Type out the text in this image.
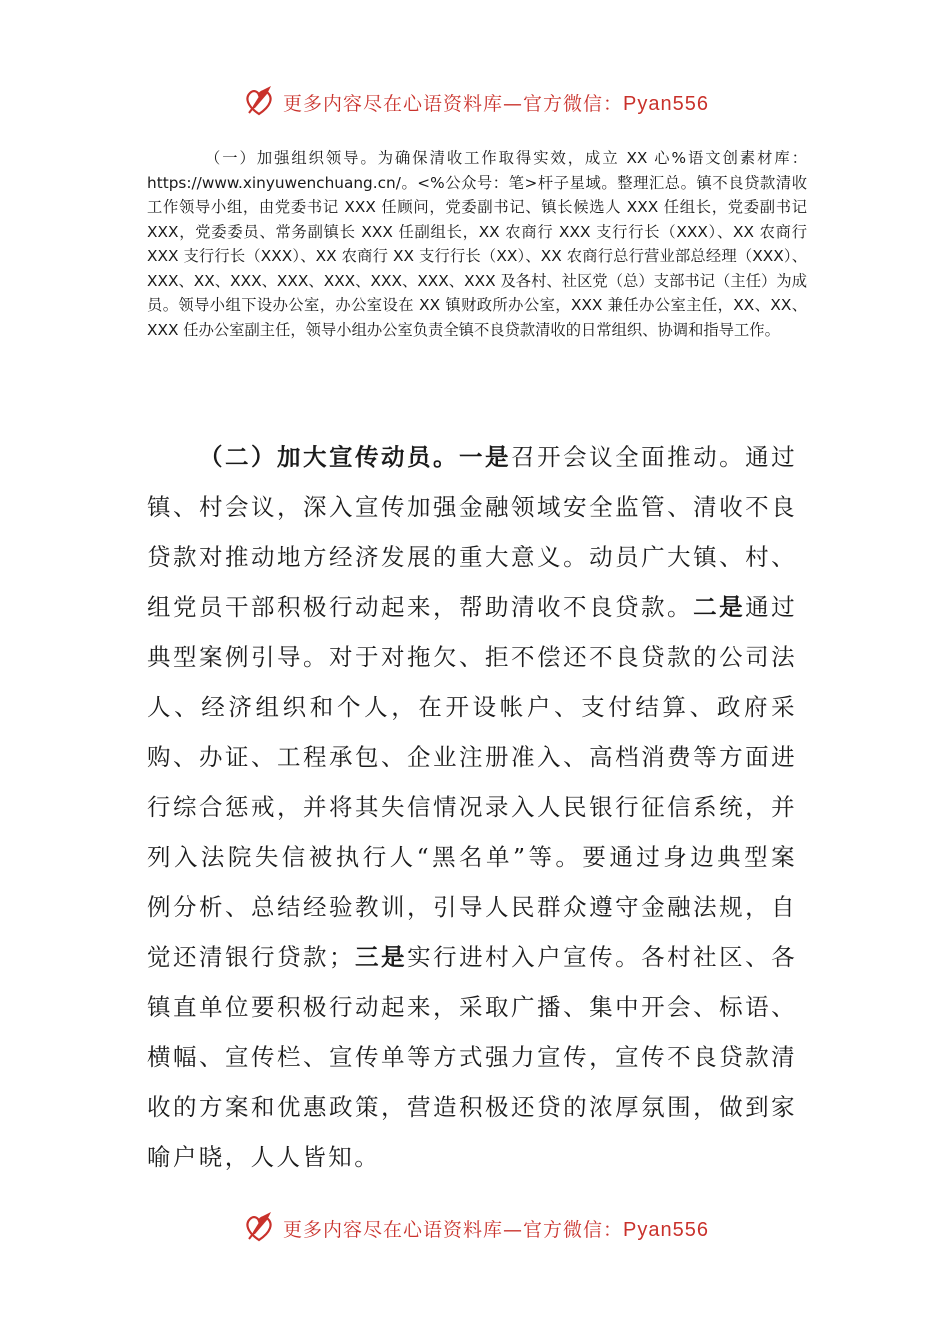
更多内容尽在心语资料库—官方微信：Pyan556

（一）加强组织领导。为确保清收工作取得实效，成立 XX 心%语文创素材库：https://www.xinyuwenchuang.cn/。<%公众号：笔>杆子星域。整理汇总。镇不良贷款清收工作领导小组，由党委书记 XXX 任顾问，党委副书记、镇长候选人 XXX 任组长，党委副书记 XXX，党委委员、常务副镇长 XXX 任副组长，XX 农商行 XXX 支行行长（XXX）、XX 农商行 XXX 支行行长（XXX）、XX 农商行 XX 支行行长（XX）、XX 农商行总行营业部总经理（XXX）、XXX、XX、XXX、XXX、XXX、XXX、XXX、XXX 及各村、社区党（总）支部书记（主任）为成员。领导小组下设办公室，办公室设在 XX 镇财政所办公室，XXX 兼任办公室主任，XX、XX、XXX 任办公室副主任，领导小组办公室负责全镇不良贷款清收的日常组织、协调和指导工作。

（二）加大宣传动员。一是召开会议全面推动。通过镇、村会议，深入宣传加强金融领域安全监管、清收不良贷款对推动地方经济发展的重大意义。动员广大镇、村、组党员干部积极行动起来，帮助清收不良贷款。二是通过典型案例引导。对于对拖欠、拒不偿还不良贷款的公司法人、经济组织和个人，在开设帐户、支付结算、政府采购、办证、工程承包、企业注册准入、高档消费等方面进行综合惩戒，并将其失信情况录入人民银行征信系统，并列入法院失信被执行人“黑名单”等。要通过身边典型案例分析、总结经验教训，引导人民群众遵守金融法规，自觉还清银行贷款；三是实行进村入户宣传。各村社区、各镇直单位要积极行动起来，采取广播、集中开会、标语、横幅、宣传栏、宣传单等方式强力宣传，宣传不良贷款清收的方案和优惠政策，营造积极还贷的浓厚氛围，做到家喻户晓，人人皆知。

更多内容尽在心语资料库—官方微信：Pyan556
